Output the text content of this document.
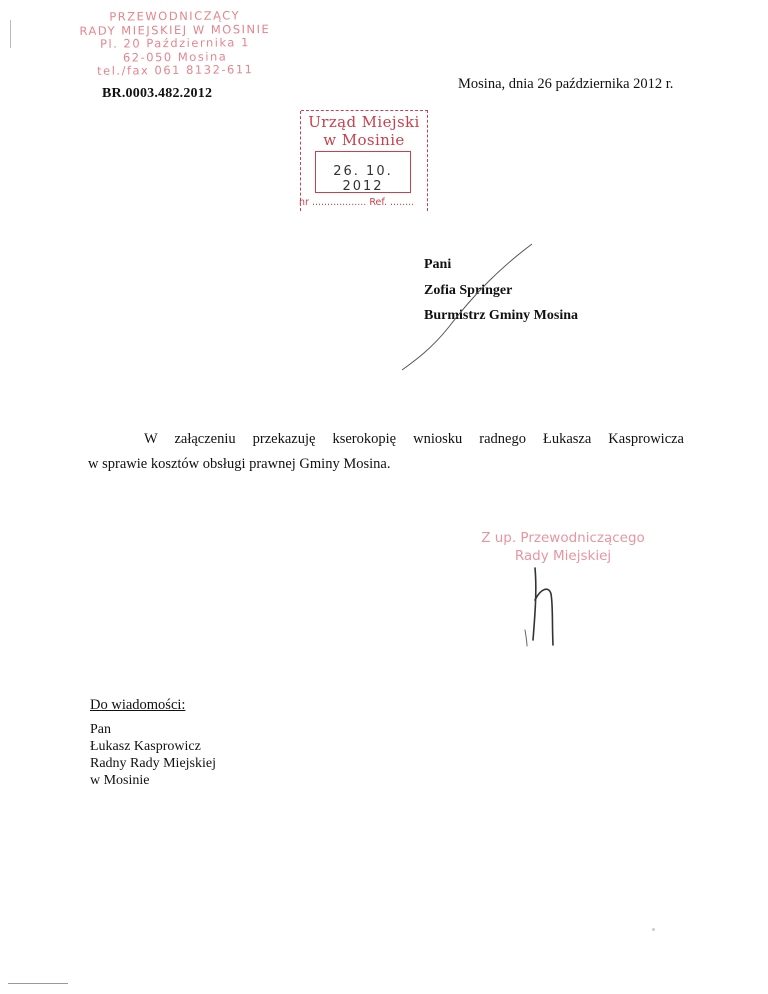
PRZEWODNICZĄCY
RADY MIEJSKIEJ W MOSINIE
Pl. 20 Października 1
62-050 Mosina
tel./fax 061 8132-611
BR.0003.482.2012
Mosina, dnia 26 października 2012 r.
Urząd Miejski
w Mosinie
26. 10. 2012
nr .................. Ref. ........
Pani
Zofia Springer
Burmistrz Gminy Mosina
W załączeniu przekazuję kserokopię wniosku radnego Łukasza Kasprowicza
w sprawie kosztów obsługi prawnej Gminy Mosina.
Z up. Przewodniczącego
Rady Miejskiej
Do wiadomości:
Pan
Łukasz Kasprowicz
Radny Rady Miejskiej
w Mosinie
